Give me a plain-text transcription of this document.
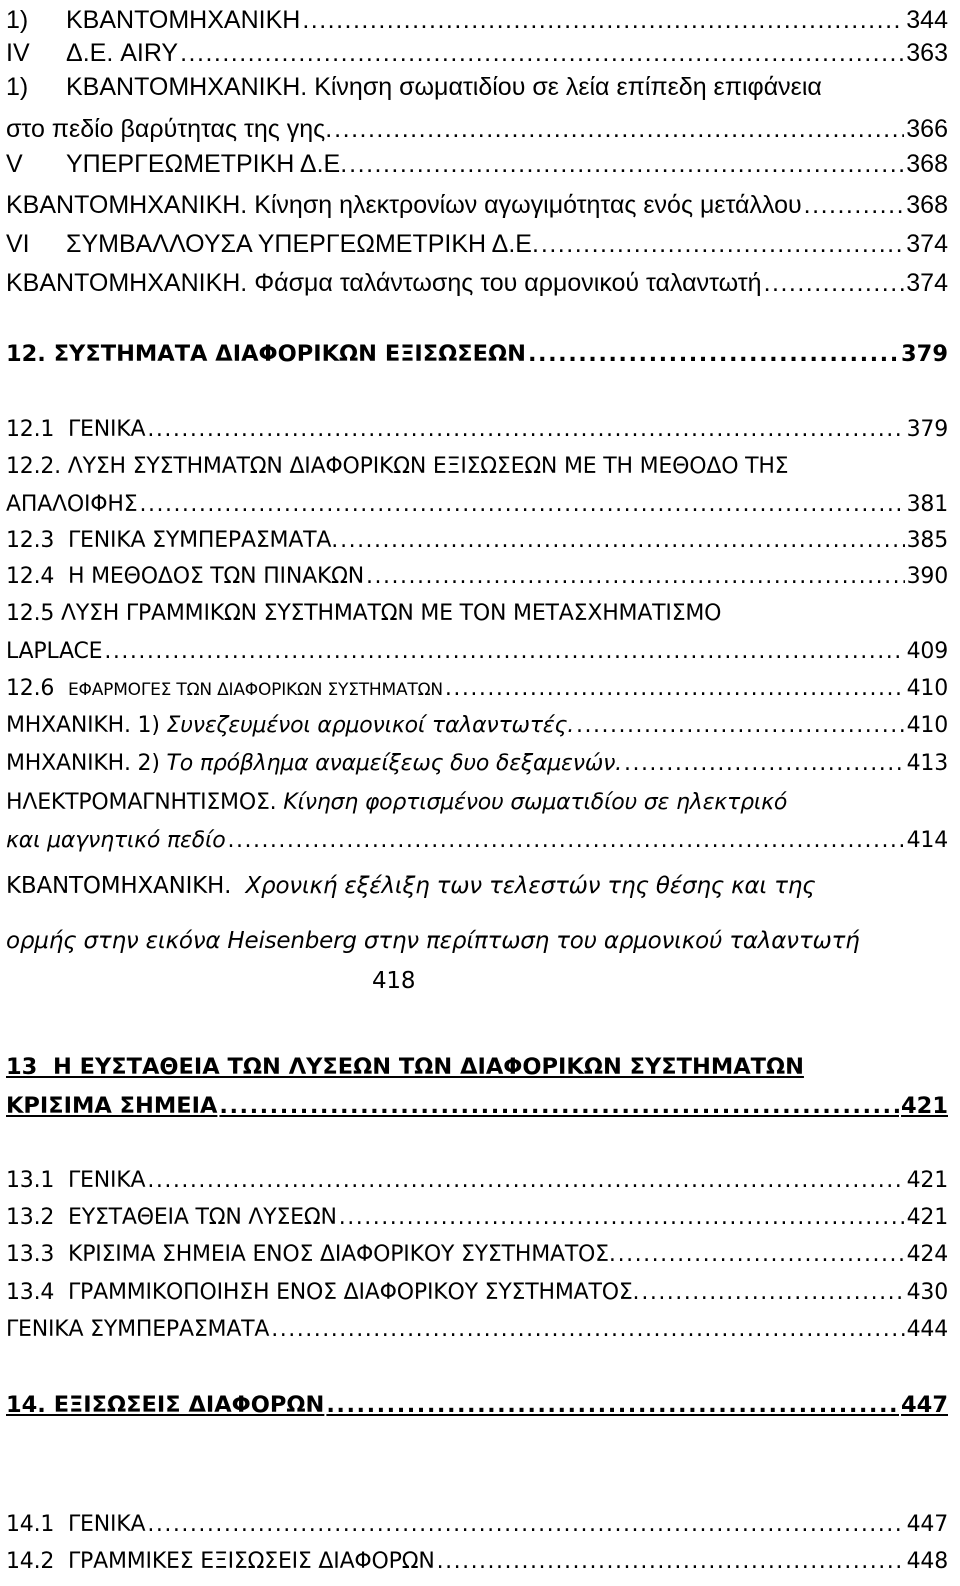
1)	ΚΒΑΝΤΟΜΗΧΑΝΙΚΗ .....	344
IV	Δ.Ε. AIRY .....	363
1)	ΚΒΑΝΤΟΜΗΧΑΝΙΚΗ. Κίνηση σωματιδίου σε λεία επίπεδη επιφάνεια
στο πεδίο βαρύτητας της γης. .....	366
V	ΥΠΕΡΓΕΩΜΕΤΡΙΚΗ Δ.Ε. .....	368
ΚΒΑΝΤΟΜΗΧΑΝΙΚΗ. Κίνηση ηλεκτρονίων αγωγιμότητας ενός μετάλλου .....	368
VI	ΣΥΜΒΑΛΛΟΥΣΑ ΥΠΕΡΓΕΩΜΕΤΡΙΚΗ Δ.Ε. .....	374
ΚΒΑΝΤΟΜΗΧΑΝΙΚΗ. Φάσμα ταλάντωσης του αρμονικού ταλαντωτή .....	374
12. ΣΥΣΤΗΜΑΤΑ ΔΙΑΦΟΡΙΚΩΝ ΕΞΙΣΩΣΕΩΝ .....	379
12.1 ΓΕΝΙΚΑ .....	379
12.2. ΛΥΣΗ ΣΥΣΤΗΜΑΤΩΝ ΔΙΑΦΟΡΙΚΩΝ ΕΞΙΣΩΣΕΩΝ ΜΕ ΤΗ ΜΕΘΟΔΟ ΤΗΣ
ΑΠΑΛΟΙΦΗΣ .....	381
12.3 ΓΕΝΙΚΑ ΣΥΜΠΕΡΑΣΜΑΤΑ. .....	385
12.4 Η ΜΕΘΟΔΟΣ ΤΩΝ ΠΙΝΑΚΩΝ .....	390
12.5 ΛΥΣΗ ΓΡΑΜΜΙΚΩΝ ΣΥΣΤΗΜΑΤΩΝ ΜΕ ΤΟΝ ΜΕΤΑΣΧΗΜΑΤΙΣΜΟ
LAPLACE .....	409
12.6 ΕΦΑΡΜΟΓΕΣ ΤΩΝ ΔΙΑΦΟΡΙΚΩΝ ΣΥΣΤΗΜΑΤΩΝ .....	410
ΜΗΧΑΝΙΚΗ. 1) Συνεζευμένοι αρμονικοί ταλαντωτές. .....	410
ΜΗΧΑΝΙΚΗ. 2) Το πρόβλημα αναμείξεως δυο δεξαμενών. .....	413
ΗΛΕΚΤΡΟΜΑΓΝΗΤΙΣΜΟΣ. Κίνηση φορτισμένου σωματιδίου σε ηλεκτρικό
και μαγνητικό πεδίο .....	414
ΚΒΑΝΤΟΜΗΧΑΝΙΚΗ. Χρονική εξέλιξη των τελεστών της θέσης και της
ορμής στην εικόνα Heisenberg στην περίπτωση του αρμονικού ταλαντωτή
418
13  Η ΕΥΣΤΑΘΕΙΑ ΤΩΝ ΛΥΣΕΩΝ ΤΩΝ ΔΙΑΦΟΡΙΚΩΝ ΣΥΣΤΗΜΑΤΩΝ
ΚΡΙΣΙΜΑ ΣΗΜΕΙΑ .....	421
13.1 ΓΕΝΙΚΑ .....	421
13.2 ΕΥΣΤΑΘΕΙΑ ΤΩΝ ΛΥΣΕΩΝ .....	421
13.3 ΚΡΙΣΙΜΑ ΣΗΜΕΙΑ ΕΝΟΣ ΔΙΑΦΟΡΙΚΟΥ ΣΥΣΤΗΜΑΤΟΣ. .....	424
13.4 ΓΡΑΜΜΙΚΟΠΟΙΗΣΗ ΕΝΟΣ ΔΙΑΦΟΡΙΚΟΥ ΣΥΣΤΗΜΑΤΟΣ. .....	430
ΓΕΝΙΚΑ ΣΥΜΠΕΡΑΣΜΑΤΑ .....	444
14. ΕΞΙΣΩΣΕΙΣ ΔΙΑΦΟΡΩΝ .....	447
14.1 ΓΕΝΙΚΑ .....	447
14.2 ΓΡΑΜΜΙΚΕΣ ΕΞΙΣΩΣΕΙΣ ΔΙΑΦΟΡΩΝ .....	448
